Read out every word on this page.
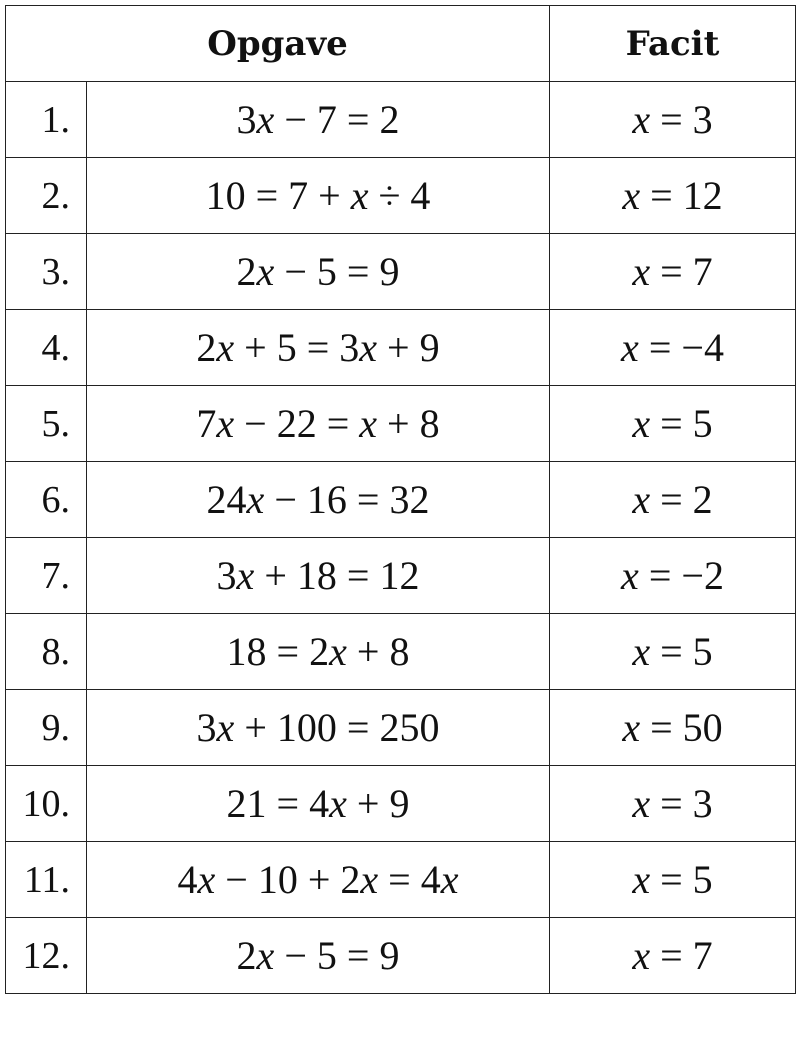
Opgave		Facit
1.	3x − 7 = 2	x = 3
2.	10 = 7 + x ÷ 4	x = 12
3.	2x − 5 = 9	x = 7
4.	2x + 5 = 3x + 9	x = −4
5.	7x − 22 = x + 8	x = 5
6.	24x − 16 = 32	x = 2
7.	3x + 18 = 12	x = −2
8.	18 = 2x + 8	x = 5
9.	3x + 100 = 250	x = 50
10.	21 = 4x + 9	x = 3
11.	4x − 10 + 2x = 4x	x = 5
12.	2x − 5 = 9	x = 7
